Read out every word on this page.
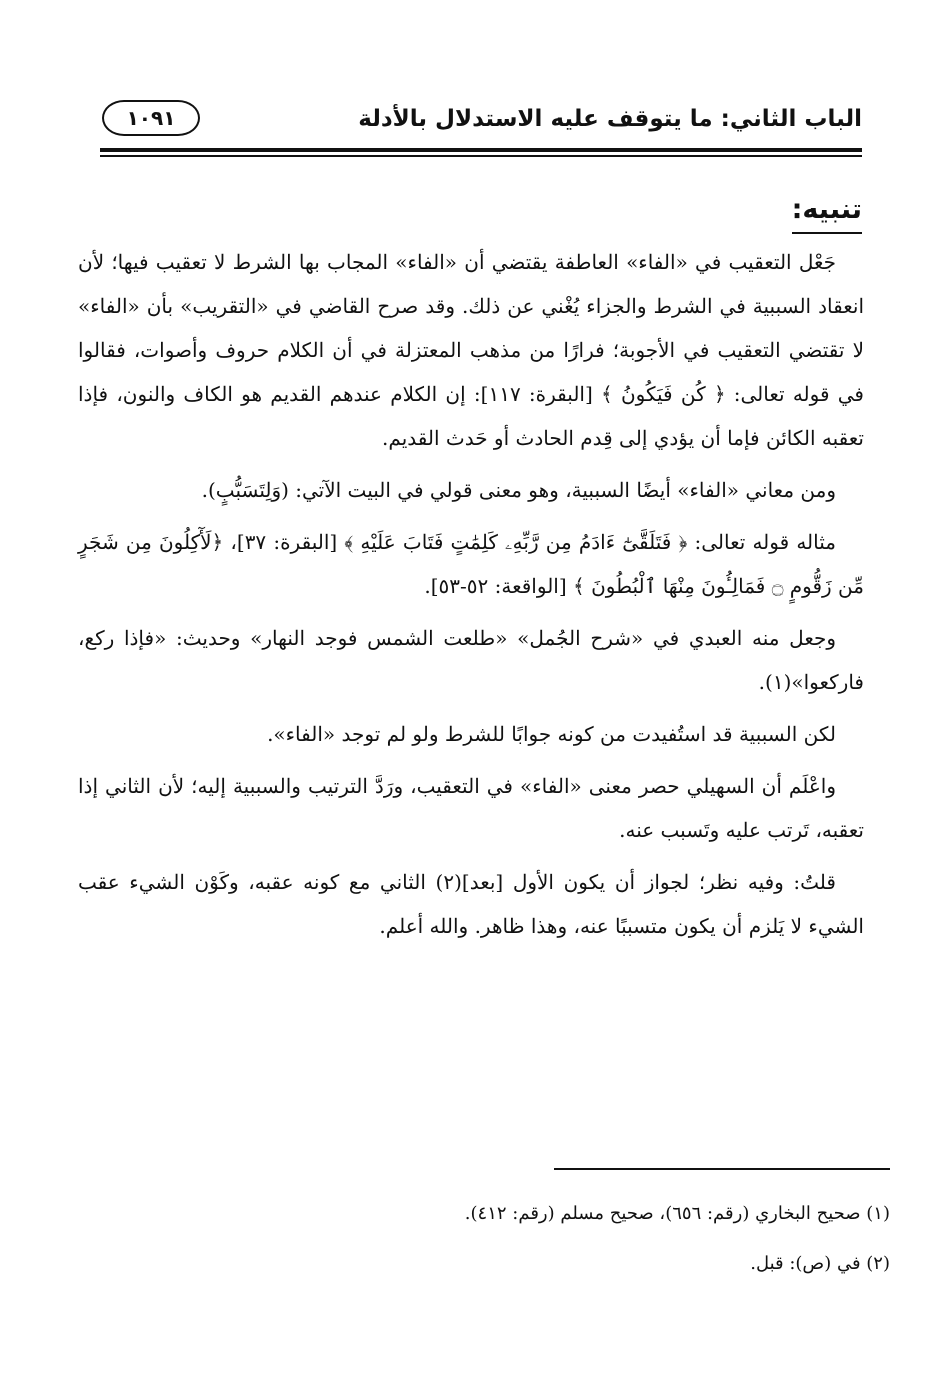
الباب الثاني: ما يتوقف عليه الاستدلال بالأدلة
١٠٩١
تنبيه:

جَعْل التعقيب في «الفاء» العاطفة يقتضي أن «الفاء» المجاب بها الشرط لا تعقيب فيها؛ لأن انعقاد السببية في الشرط والجزاء يُغْني عن ذلك. وقد صرح القاضي في «التقريب» بأن «الفاء» لا تقتضي التعقيب في الأجوبة؛ فرارًا من مذهب المعتزلة في أن الكلام حروف وأصوات، فقالوا في قوله تعالى: ﴿ كُن فَيَكُونُ ﴾ [البقرة: ١١٧]: إن الكلام عندهم القديم هو الكاف والنون، فإذا تعقبه الكائن فإما أن يؤدي إلى قِدم الحادث أو حَدث القديم.

ومن معاني «الفاء» أيضًا السببية، وهو معنى قولي في البيت الآتي: (وَلِتَسَبُّبٍ).

مثاله قوله تعالى: ﴿ فَتَلَقَّىٰٓ ءَادَمُ مِن رَّبِّهِۦ كَلِمَٰتٍ فَتَابَ عَلَيْهِ ﴾ [البقرة: ٣٧]، ﴿لَأٓكِلُونَ مِن شَجَرٍ مِّن زَقُّومٍ ۝ فَمَالِـُٔونَ مِنْهَا ٱلْبُطُونَ ﴾ [الواقعة: ٥٢-٥٣].

وجعل منه العبدي في «شرح الجُمل» «طلعت الشمس فوجد النهار» وحديث: «فإذا ركع، فاركعوا»(١).

لكن السببية قد استُفيدت من كونه جوابًا للشرط ولو لم توجد «الفاء».

واعْلَم أن السهيلي حصر معنى «الفاء» في التعقيب، ورَدَّ الترتيب والسببية إليه؛ لأن الثاني إذا تعقبه، تَرتب عليه وتَسبب عنه.

قلتُ: وفيه نظر؛ لجواز أن يكون الأول [بعد](٢) الثاني مع كونه عقبه، وكَوْن الشيء عقب الشيء لا يَلزم أن يكون متسببًا عنه، وهذا ظاهر. والله أعلم.

(١) صحيح البخاري (رقم: ٦٥٦)، صحيح مسلم (رقم: ٤١٢).

(٢) في (ص): قبل.
